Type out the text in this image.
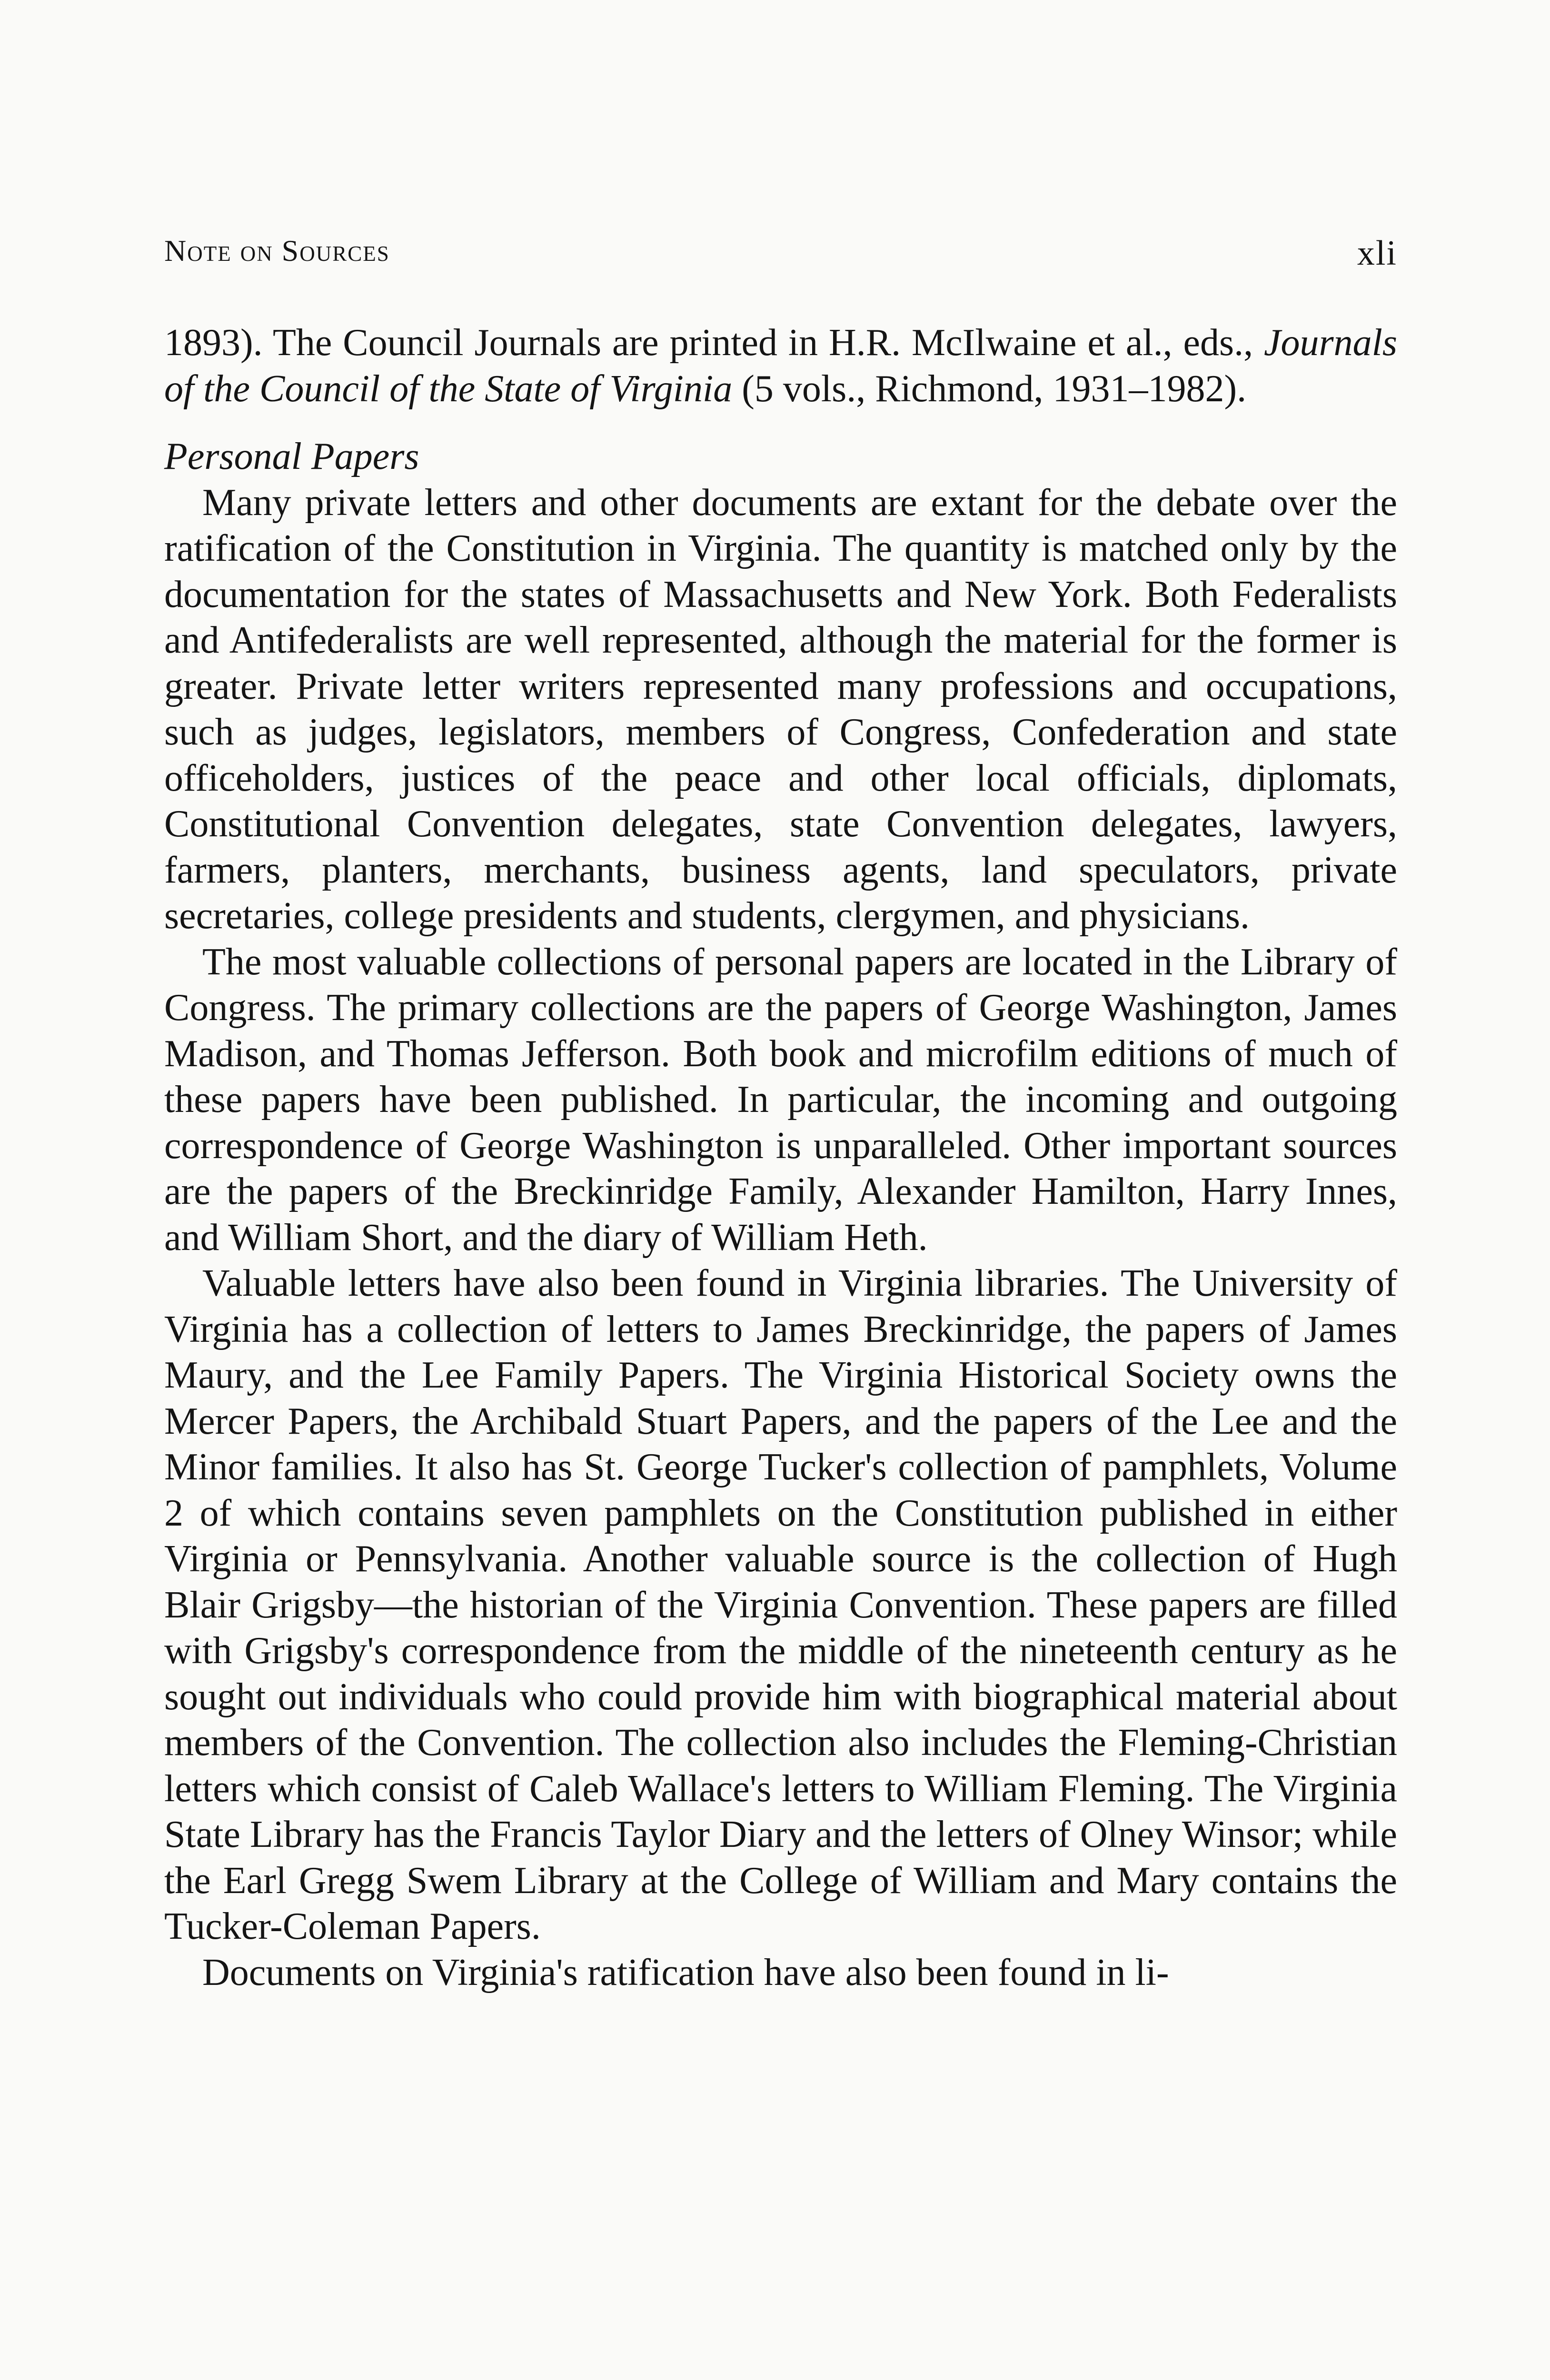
Note on Sources	xli

1893). The Council Journals are printed in H.R. McIlwaine et al., eds., Journals of the Council of the State of Virginia (5 vols., Richmond, 1931–1982).

Personal Papers

Many private letters and other documents are extant for the debate over the ratification of the Constitution in Virginia. The quantity is matched only by the documentation for the states of Massachusetts and New York. Both Federalists and Antifederalists are well represented, although the material for the former is greater. Private letter writers represented many professions and occupations, such as judges, legislators, members of Congress, Confederation and state officeholders, justices of the peace and other local officials, diplomats, Constitutional Convention delegates, state Convention delegates, lawyers, farmers, planters, merchants, business agents, land speculators, private secretaries, college presidents and students, clergymen, and physicians.

The most valuable collections of personal papers are located in the Library of Congress. The primary collections are the papers of George Washington, James Madison, and Thomas Jefferson. Both book and microfilm editions of much of these papers have been published. In particular, the incoming and outgoing correspondence of George Washington is unparalleled. Other important sources are the papers of the Breckinridge Family, Alexander Hamilton, Harry Innes, and William Short, and the diary of William Heth.

Valuable letters have also been found in Virginia libraries. The University of Virginia has a collection of letters to James Breckinridge, the papers of James Maury, and the Lee Family Papers. The Virginia Historical Society owns the Mercer Papers, the Archibald Stuart Papers, and the papers of the Lee and the Minor families. It also has St. George Tucker's collection of pamphlets, Volume 2 of which contains seven pamphlets on the Constitution published in either Virginia or Pennsylvania. Another valuable source is the collection of Hugh Blair Grigsby—the historian of the Virginia Convention. These papers are filled with Grigsby's correspondence from the middle of the nineteenth century as he sought out individuals who could provide him with biographical material about members of the Convention. The collection also includes the Fleming-Christian letters which consist of Caleb Wallace's letters to William Fleming. The Virginia State Library has the Francis Taylor Diary and the letters of Olney Winsor; while the Earl Gregg Swem Library at the College of William and Mary contains the Tucker-Coleman Papers.

Documents on Virginia's ratification have also been found in li-
